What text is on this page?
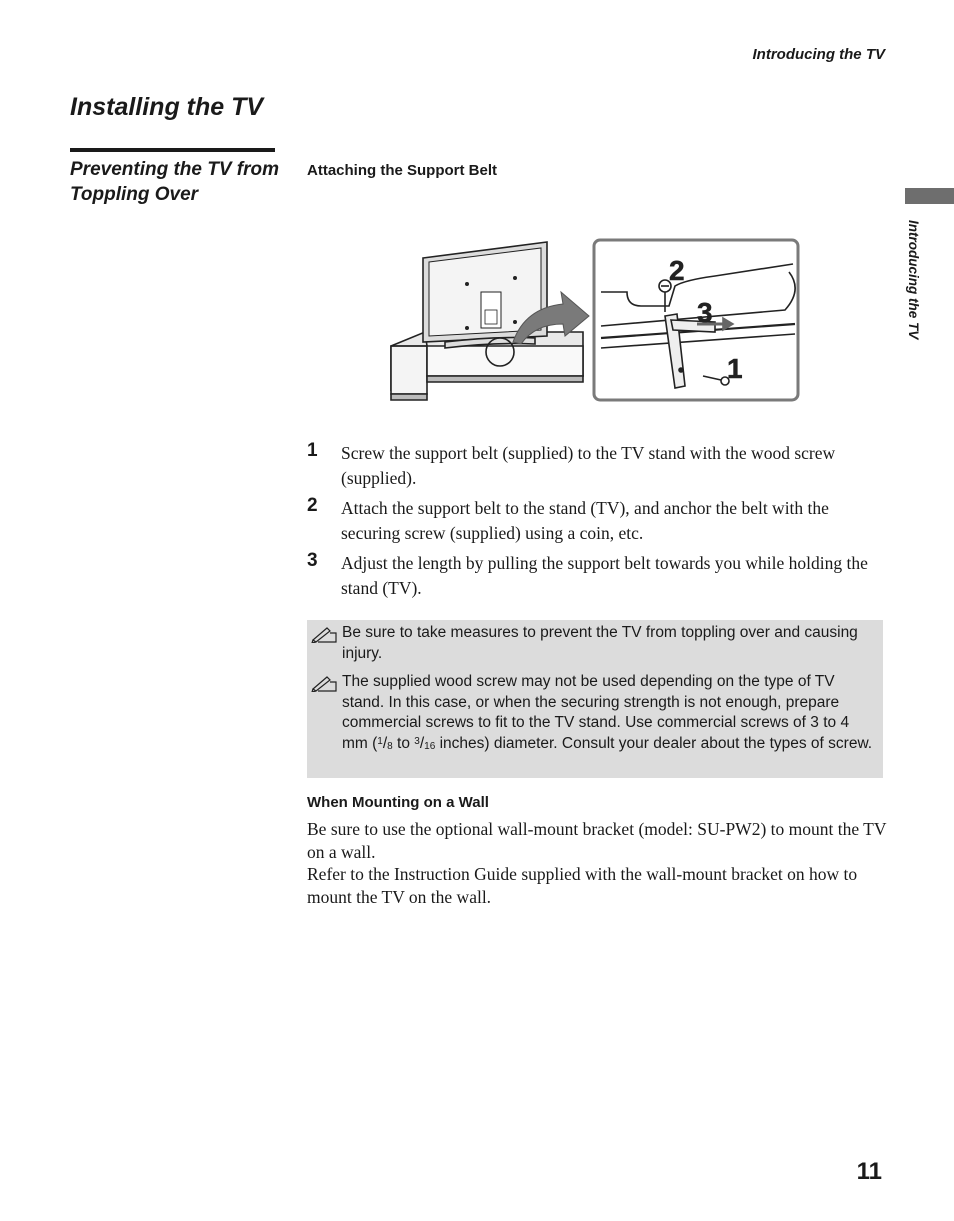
Introducing the TV
Introducing the TV
Installing the TV
Preventing the TV from Toppling Over
Attaching the Support Belt
2
3
1
1 Screw the support belt (supplied) to the TV stand with the wood screw (supplied).
2 Attach the support belt to the stand (TV), and anchor the belt with the securing screw (supplied) using a coin, etc.
3 Adjust the length by pulling the support belt towards you while holding the stand (TV).
Be sure to take measures to prevent the TV from toppling over and causing injury.
The supplied wood screw may not be used depending on the type of TV stand. In this case, or when the securing strength is not enough, prepare commercial screws to fit to the TV stand. Use commercial screws of 3 to 4 mm ($^1/_8$ to $^3/_{16}$ inches) diameter. Consult your dealer about the types of screw.
When Mounting on a Wall

Be sure to use the optional wall-mount bracket (model: SU-PW2) to mount the TV on a wall.

Refer to the Instruction Guide supplied with the wall-mount bracket on how to mount the TV on the wall.

11
